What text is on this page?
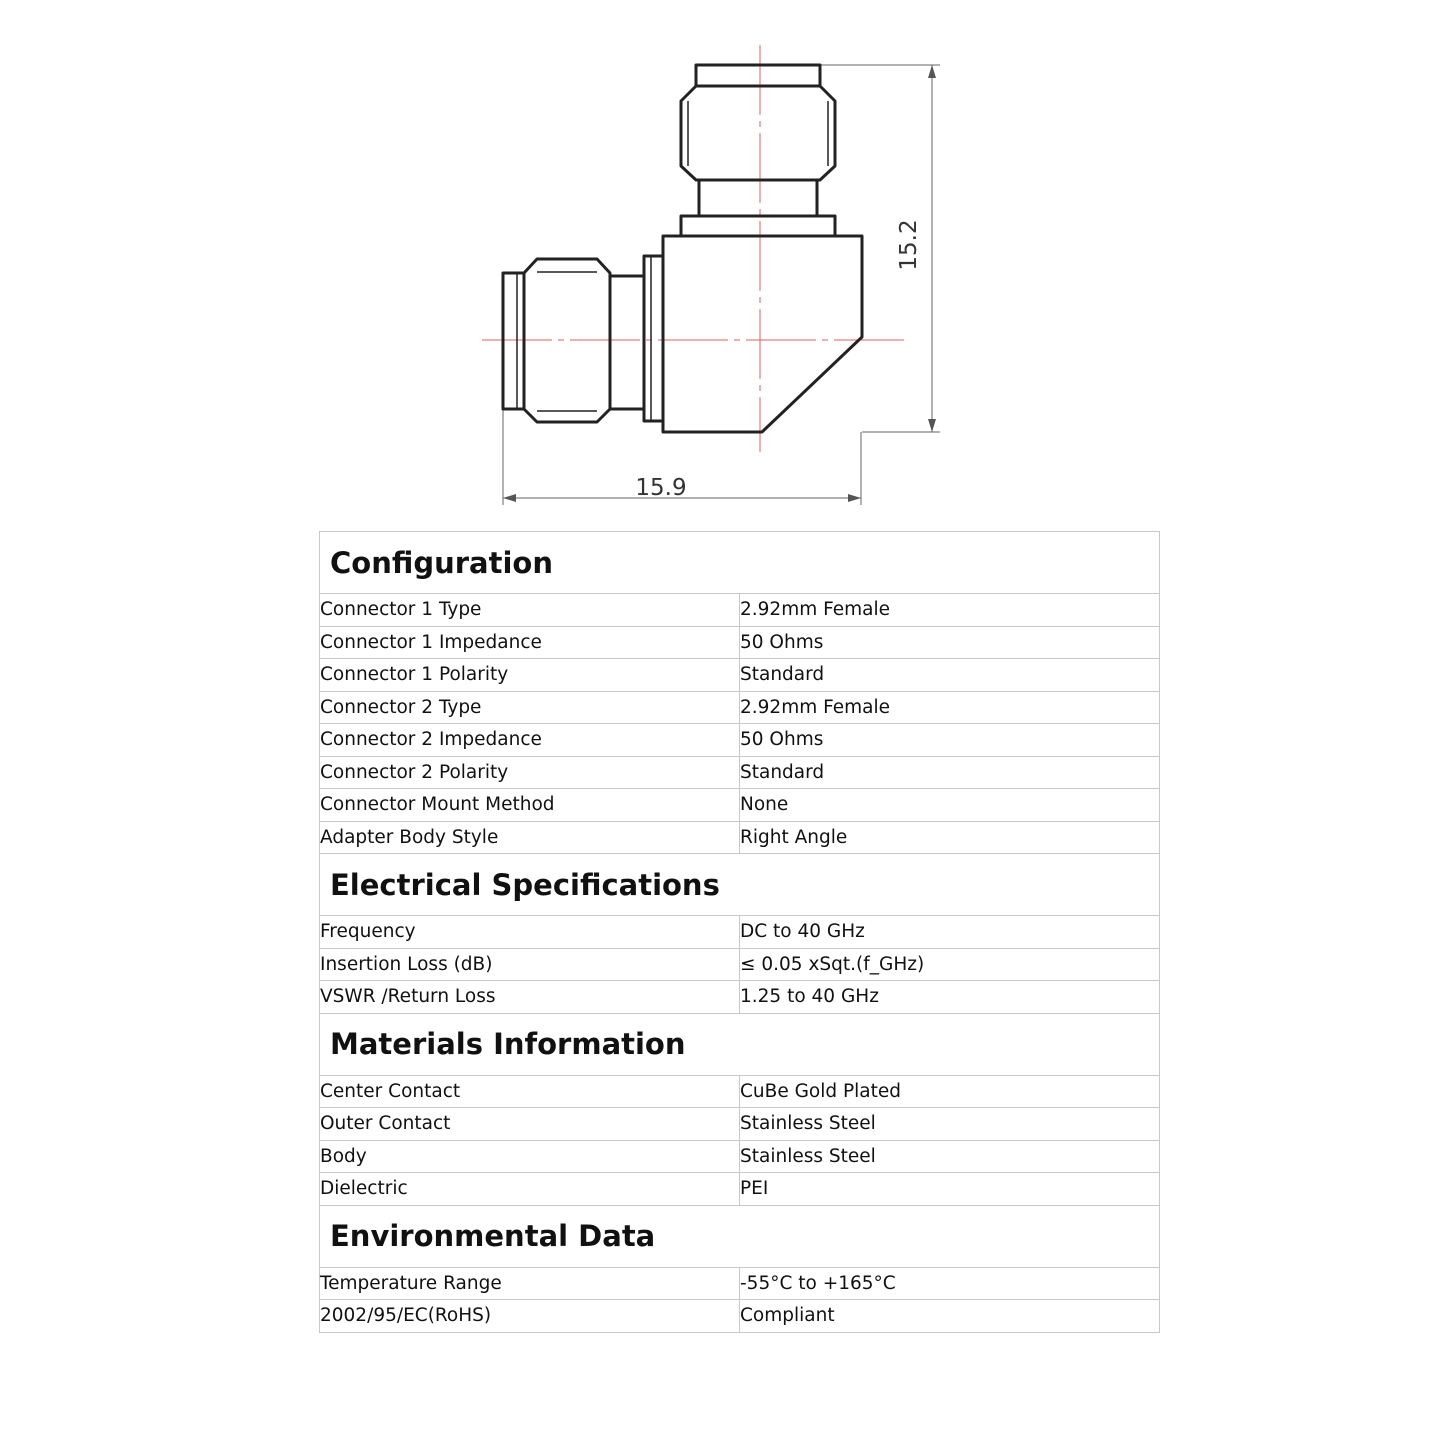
15.9
15.2
Configuration	
Connector 1 Type	2.92mm Female
Connector 1 Impedance	50 Ohms
Connector 1 Polarity	Standard
Connector 2 Type	2.92mm Female
Connector 2 Impedance	50 Ohms
Connector 2 Polarity	Standard
Connector Mount Method	None
Adapter Body Style	Right Angle
Electrical Specifications	
Frequency	DC to 40 GHz
Insertion Loss (dB)	≤ 0.05 xSqt.(f_GHz)
VSWR /Return Loss	1.25 to 40 GHz
Materials Information	
Center Contact	CuBe Gold Plated
Outer Contact	Stainless Steel
Body	Stainless Steel
Dielectric	PEI
Environmental Data	
Temperature Range	-55°C to +165°C
2002/95/EC(RoHS)	Compliant
